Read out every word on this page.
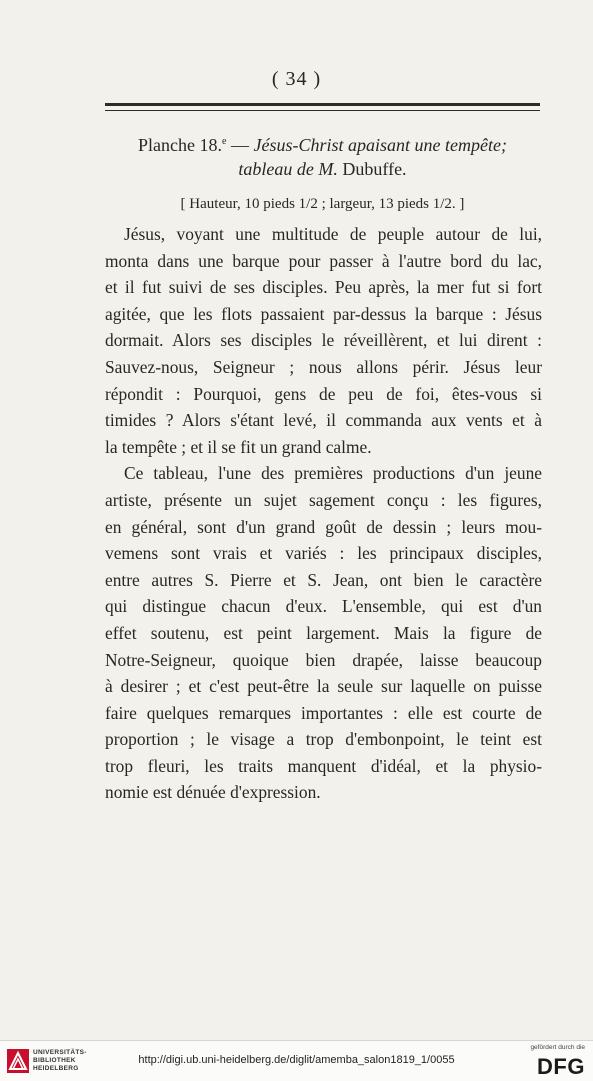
( 34 )
Planche 18.$^e$ — Jésus-Christ apaisant une tempête;
tableau de M. Dubuffe.
[ Hauteur, 10 pieds 1/2 ; largeur, 13 pieds 1/2. ]
Jésus, voyant une multitude de peuple autour de lui,
monta dans une barque pour passer à l'autre bord du lac,
et il fut suivi de ses disciples. Peu après, la mer fut si fort
agitée, que les flots passaient par-dessus la barque : Jésus
dormait. Alors ses disciples le réveillèrent, et lui dirent :
Sauvez-nous, Seigneur ; nous allons périr. Jésus leur
répondit : Pourquoi, gens de peu de foi, êtes-vous si
timides ? Alors s'étant levé, il commanda aux vents et à
la tempête ; et il se fit un grand calme.
Ce tableau, l'une des premières productions d'un jeune
artiste, présente un sujet sagement conçu : les figures,
en général, sont d'un grand goût de dessin ; leurs mou-
vemens sont vrais et variés : les principaux disciples,
entre autres S. Pierre et S. Jean, ont bien le caractère
qui distingue chacun d'eux. L'ensemble, qui est d'un
effet soutenu, est peint largement. Mais la figure de
Notre-Seigneur, quoique bien drapée, laisse beaucoup
à desirer ; et c'est peut-être la seule sur laquelle on puisse
faire quelques remarques importantes : elle est courte de
proportion ; le visage a trop d'embonpoint, le teint est
trop fleuri, les traits manquent d'idéal, et la physio-
nomie est dénuée d'expression.
UNIVERSITÄTS-
BIBLIOTHEK
HEIDELBERG
http://digi.ub.uni-heidelberg.de/diglit/amemba_salon1819_1/0055
gefördert durch die
DFG
